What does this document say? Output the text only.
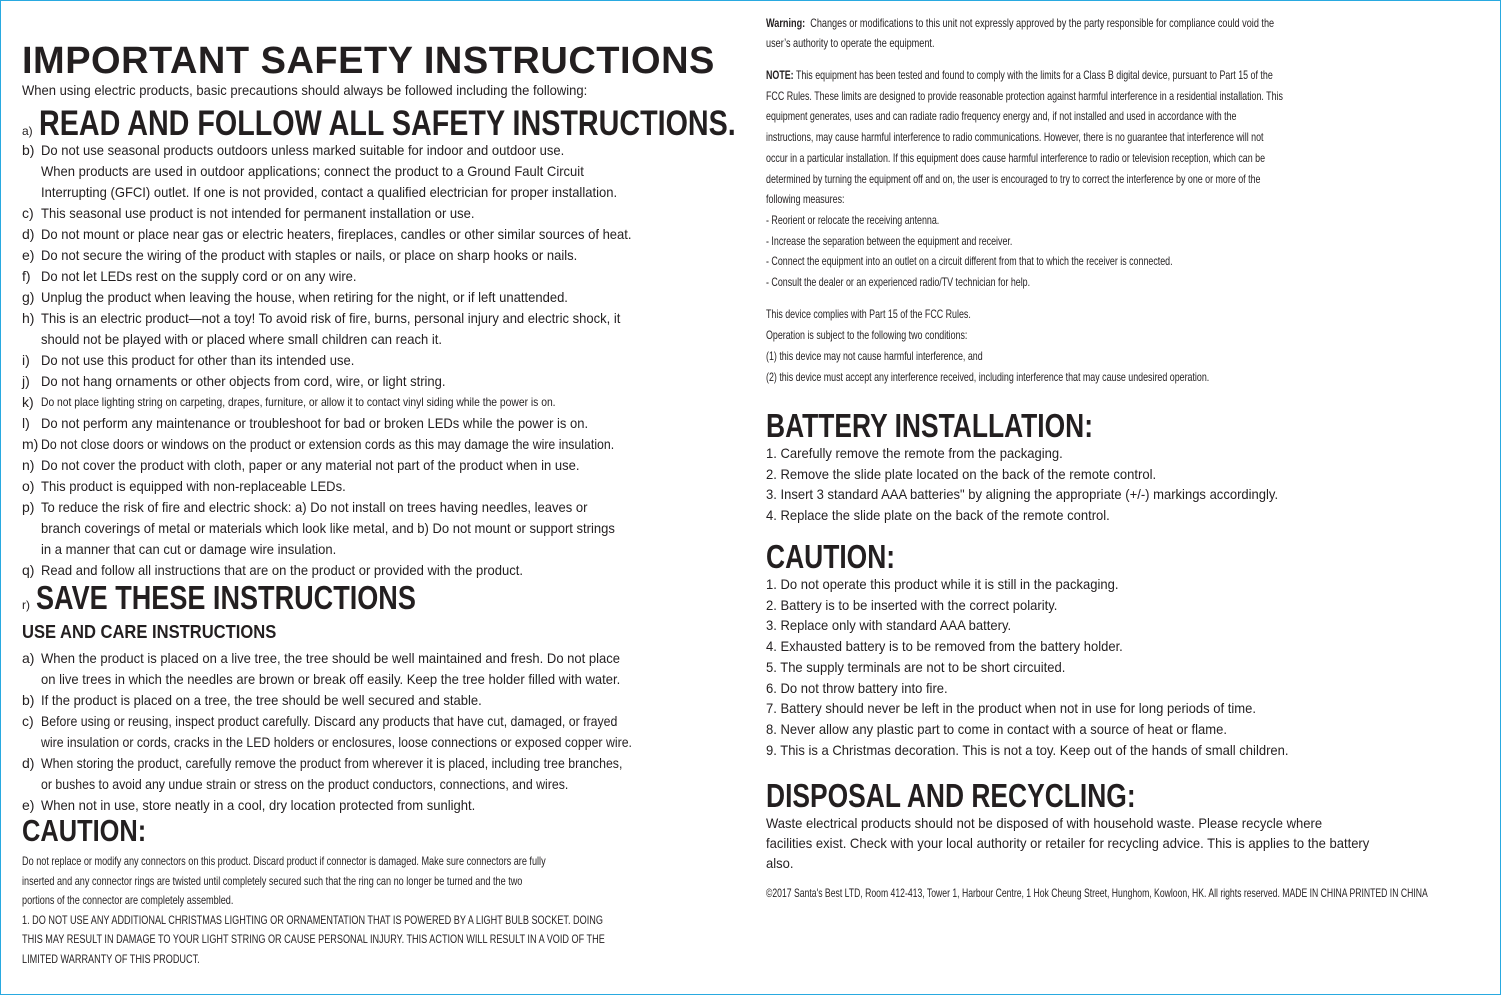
IMPORTANT SAFETY INSTRUCTIONS
When using electric products, basic precautions should always be followed including the following:
a) READ AND FOLLOW ALL SAFETY INSTRUCTIONS.
b) Do not use seasonal products outdoors unless marked suitable for indoor and outdoor use.
When products are used in outdoor applications; connect the product to a Ground Fault Circuit
Interrupting (GFCI) outlet. If one is not provided, contact a qualified electrician for proper installation.
c) This seasonal use product is not intended for permanent installation or use.
d) Do not mount or place near gas or electric heaters, fireplaces, candles or other similar sources of heat.
e) Do not secure the wiring of the product with staples or nails, or place on sharp hooks or nails.
f) Do not let LEDs rest on the supply cord or on any wire.
g) Unplug the product when leaving the house, when retiring for the night, or if left unattended.
h) This is an electric product—not a toy! To avoid risk of fire, burns, personal injury and electric shock, it
should not be played with or placed where small children can reach it.
i) Do not use this product for other than its intended use.
j) Do not hang ornaments or other objects from cord, wire, or light string.
k) Do not place lighting string on carpeting, drapes, furniture, or allow it to contact vinyl siding while the power is on.
l) Do not perform any maintenance or troubleshoot for bad or broken LEDs while the power is on.
m) Do not close doors or windows on the product or extension cords as this may damage the wire insulation.
n) Do not cover the product with cloth, paper or any material not part of the product when in use.
o) This product is equipped with non-replaceable LEDs.
p) To reduce the risk of fire and electric shock: a) Do not install on trees having needles, leaves or
branch coverings of metal or materials which look like metal, and b) Do not mount or support strings
in a manner that can cut or damage wire insulation.
q) Read and follow all instructions that are on the product or provided with the product.
r) SAVE THESE INSTRUCTIONS
USE AND CARE INSTRUCTIONS
a) When the product is placed on a live tree, the tree should be well maintained and fresh. Do not place
on live trees in which the needles are brown or break off easily. Keep the tree holder filled with water.
b) If the product is placed on a tree, the tree should be well secured and stable.
c) Before using or reusing, inspect product carefully. Discard any products that have cut, damaged, or frayed
wire insulation or cords, cracks in the LED holders or enclosures, loose connections or exposed copper wire.
d) When storing the product, carefully remove the product from wherever it is placed, including tree branches,
or bushes to avoid any undue strain or stress on the product conductors, connections, and wires.
e) When not in use, store neatly in a cool, dry location protected from sunlight.
CAUTION:
Do not replace or modify any connectors on this product. Discard product if connector is damaged. Make sure connectors are fully
inserted and any connector rings are twisted until completely secured such that the ring can no longer be turned and the two
portions of the connector are completely assembled.
1. DO NOT USE ANY ADDITIONAL CHRISTMAS LIGHTING OR ORNAMENTATION THAT IS POWERED BY A LIGHT BULB SOCKET. DOING
THIS MAY RESULT IN DAMAGE TO YOUR LIGHT STRING OR CAUSE PERSONAL INJURY. THIS ACTION WILL RESULT IN A VOID OF THE
LIMITED WARRANTY OF THIS PRODUCT.
Warning: Changes or modifications to this unit not expressly approved by the party responsible for compliance could void the
user’s authority to operate the equipment.
NOTE: This equipment has been tested and found to comply with the limits for a Class B digital device, pursuant to Part 15 of the
FCC Rules. These limits are designed to provide reasonable protection against harmful interference in a residential installation. This
equipment generates, uses and can radiate radio frequency energy and, if not installed and used in accordance with the
instructions, may cause harmful interference to radio communications. However, there is no guarantee that interference will not
occur in a particular installation. If this equipment does cause harmful interference to radio or television reception, which can be
determined by turning the equipment off and on, the user is encouraged to try to correct the interference by one or more of the
following measures:
- Reorient or relocate the receiving antenna.
- Increase the separation between the equipment and receiver.
- Connect the equipment into an outlet on a circuit different from that to which the receiver is connected.
- Consult the dealer or an experienced radio/TV technician for help.
This device complies with Part 15 of the FCC Rules.
Operation is subject to the following two conditions:
(1) this device may not cause harmful interference, and
(2) this device must accept any interference received, including interference that may cause undesired operation.
BATTERY INSTALLATION:
1. Carefully remove the remote from the packaging.
2. Remove the slide plate located on the back of the remote control.
3. Insert 3 standard AAA batteries" by aligning the appropriate (+/-) markings accordingly.
4. Replace the slide plate on the back of the remote control.
CAUTION:
1. Do not operate this product while it is still in the packaging.
2. Battery is to be inserted with the correct polarity.
3. Replace only with standard AAA battery.
4. Exhausted battery is to be removed from the battery holder.
5. The supply terminals are not to be short circuited.
6. Do not throw battery into fire.
7. Battery should never be left in the product when not in use for long periods of time.
8. Never allow any plastic part to come in contact with a source of heat or flame.
9. This is a Christmas decoration. This is not a toy. Keep out of the hands of small children.
DISPOSAL AND RECYCLING:
Waste electrical products should not be disposed of with household waste. Please recycle where
facilities exist. Check with your local authority or retailer for recycling advice. This is applies to the battery
also.
©2017 Santa's Best LTD, Room 412-413, Tower 1, Harbour Centre, 1 Hok Cheung Street, Hunghom, Kowloon, HK. All rights reserved. MADE IN CHINA PRINTED IN CHINA
